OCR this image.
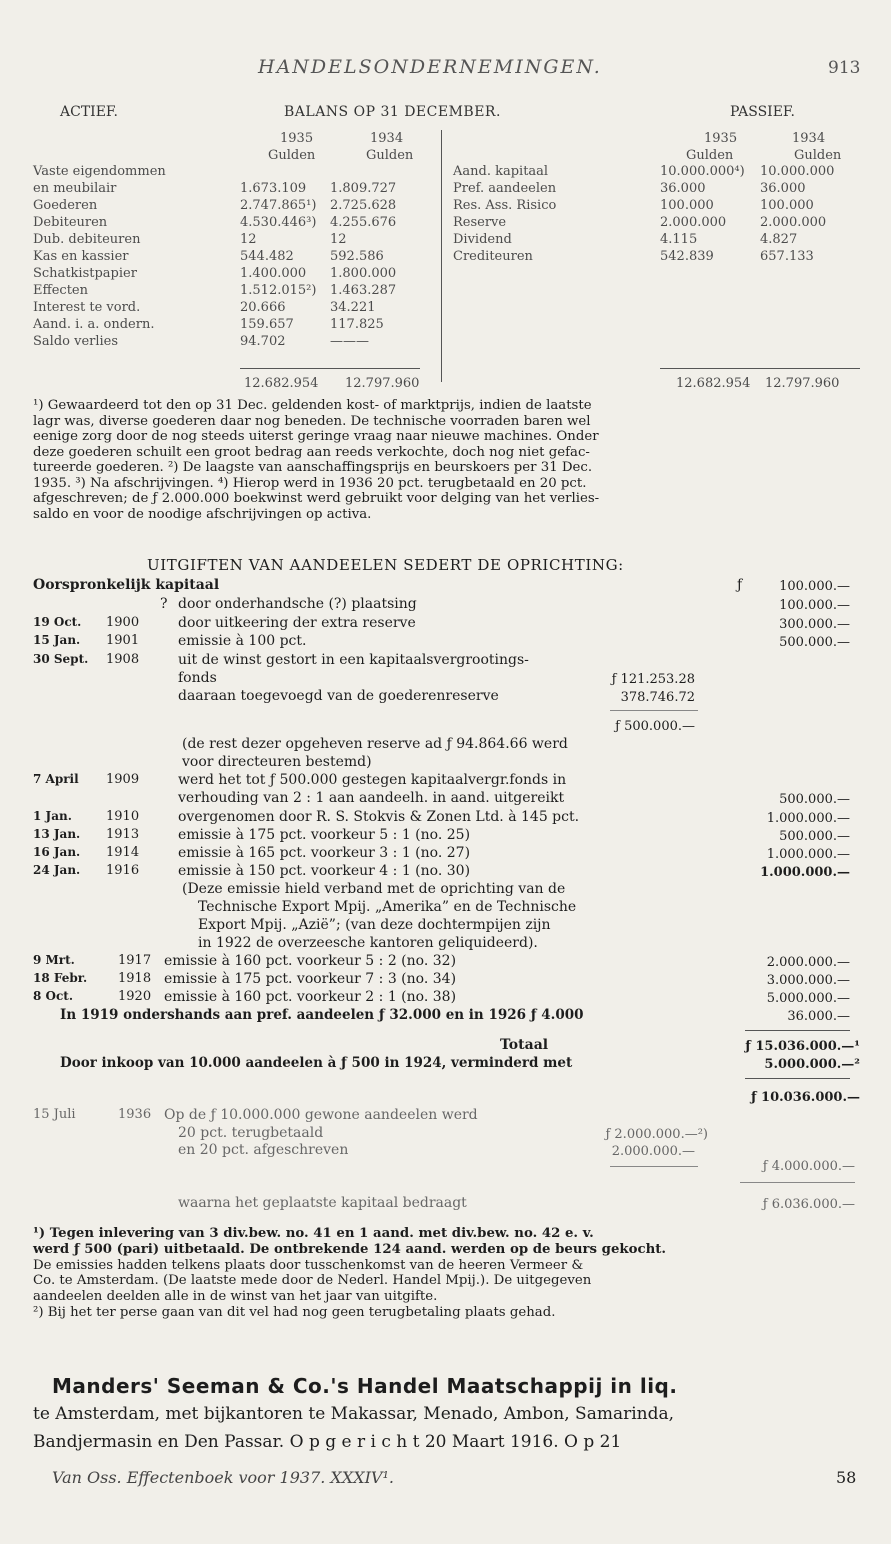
HANDELSONDERNEMINGEN.	913
ACTIEF.	BALANS OP 31 DECEMBER.	PASSIEF.
1935	1934
Gulden	Gulden
1935	1934
Gulden	Gulden
Vaste eigendommen
en meubilair	1.673.109	1.809.727
Goederen	2.747.865¹)	2.725.628
Debiteuren	4.530.446³)	4.255.676
Dub. debiteuren	12	12
Kas en kassier	544.482	592.586
Schatkistpapier	1.400.000	1.800.000
Effecten	1.512.015²)	1.463.287
Interest te vord.	20.666	34.221
Aand. i. a. ondern.	159.657	117.825
Saldo verlies	94.702	———
Aand. kapitaal	10.000.000⁴)	10.000.000
Pref. aandeelen	36.000	36.000
Res. Ass. Risico	100.000	100.000
Reserve	2.000.000	2.000.000
Dividend	4.115	4.827
Crediteuren	542.839	657.133
12.682.954 12.797.960	12.682.954 12.797.960
¹) Gewaardeerd tot den op 31 Dec. geldenden kost- of marktprijs, indien de laatste
lagr was, diverse goederen daar nog beneden. De technische voorraden baren wel
eenige zorg door de nog steeds uiterst geringe vraag naar nieuwe machines. Onder
deze goederen schuilt een groot bedrag aan reeds verkochte, doch nog niet gefac-
tureerde goederen. ²) De laagste van aanschaffingsprijs en beurskoers per 31 Dec.
1935. ³) Na afschrijvingen. ⁴) Hierop werd in 1936 20 pct. terugbetaald en 20 pct.
afgeschreven; de ƒ 2.000.000 boekwinst werd gebruikt voor delging van het verlies-
saldo en voor de noodige afschrijvingen op activa.
UITGIFTEN VAN AANDEELEN SEDERT DE OPRICHTING:
Oorspronkelijk kapitaal	ƒ	100.000.—
? door onderhandsche (?) plaatsing	100.000.—
19 Oct. 1900	door uitkeering der extra reserve	300.000.—
15 Jan. 1901	emissie à 100 pct.	500.000.—
30 Sept. 1908	uit de winst gestort in een kapitaalsvergrootings-
fonds	ƒ 121.253.28
daaraan toegevoegd van de goederenreserve	378.746.72
ƒ 500.000.—
(de rest dezer opgeheven reserve ad ƒ 94.864.66 werd
voor directeuren bestemd)
7 April 1909	werd het tot ƒ 500.000 gestegen kapitaalvergr.fonds in
verhouding van 2 : 1 aan aandeelh. in aand. uitgereikt	500.000.—
1 Jan.	1910	overgenomen door R. S. Stokvis & Zonen Ltd. à 145 pct.	1.000.000.—
13 Jan. 1913	emissie à 175 pct. voorkeur 5 : 1 (no. 25)	500.000.—
16 Jan. 1914	emissie à 165 pct. voorkeur 3 : 1 (no. 27)	1.000.000.—
24 Jan. 1916	emissie à 150 pct. voorkeur 4 : 1 (no. 30)	1.000.000.—
(Deze emissie hield verband met de oprichting van de
Technische Export Mpij. „Amerika” en de Technische
Export Mpij. „Azië”; (van deze dochtermpijen zijn
in 1922 de overzeesche kantoren geliquideerd).
9 Mrt.	1917 emissie à 160 pct. voorkeur 5 : 2 (no. 32)	2.000.000.—
18 Febr. 1918 emissie à 175 pct. voorkeur 7 : 3 (no. 34)	3.000.000.—
8 Oct.	1920 emissie à 160 pct. voorkeur 2 : 1 (no. 38)	5.000.000.—
In 1919 ondershands aan pref. aandeelen ƒ 32.000 en in 1926 ƒ 4.000	36.000.—
Totaal	ƒ 15.036.000.—¹
Door inkoop van 10.000 aandeelen à ƒ 500 in 1924, verminderd met	5.000.000.—²
ƒ 10.036.000.—
15 Juli	1936 Op de ƒ 10.000.000 gewone aandeelen werd
20 pct. terugbetaald	ƒ 2.000.000.—²)
en 20 pct. afgeschreven	2.000.000.—
ƒ 4.000.000.—
waarna het geplaatste kapitaal bedraagt	ƒ 6.036.000.—
¹) Tegen inlevering van 3 div.bew. no. 41 en 1 aand. met div.bew. no. 42 e. v.
werd ƒ 500 (pari) uitbetaald. De ontbrekende 124 aand. werden op de beurs gekocht.
De emissies hadden telkens plaats door tusschenkomst van de heeren Vermeer &
Co. te Amsterdam. (De laatste mede door de Nederl. Handel Mpij.). De uitgegeven
aandeelen deelden alle in de winst van het jaar van uitgifte.
²) Bij het ter perse gaan van dit vel had nog geen terugbetaling plaats gehad.
Manders' Seeman & Co.'s Handel Maatschappij in liq.
te Amsterdam, met bijkantoren te Makassar, Menado, Ambon, Samarinda,
Bandjermasin en Den Passar. O p g e r i c h t 20 Maart 1916. O p 21
Van Oss. Effectenboek voor 1937. XXXIV¹.	58
